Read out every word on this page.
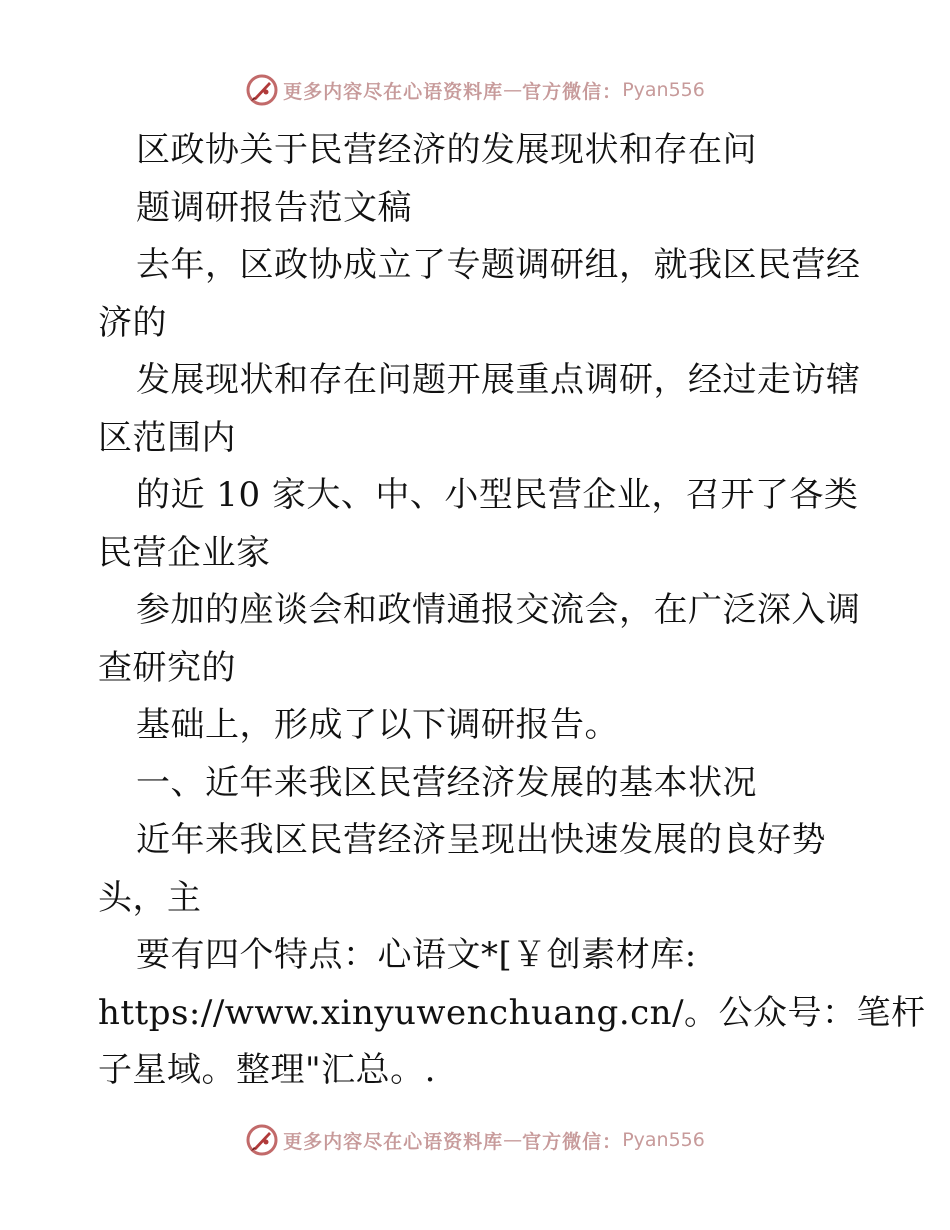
更多内容尽在心语资料库 — 官方微信： Pyan556
区政协关于民营经济的发展现状和存在问
题调研报告范文稿
去年，区政协成立了专题调研组，就我区民营经
济的
发展现状和存在问题开展重点调研，经过走访辖
区范围内
的近 10 家大、中、小型民营企业，召开了各类
民营企业家
参加的座谈会和政情通报交流会，在广泛深入调
查研究的
基础上，形成了以下调研报告。
一、近年来我区民营经济发展的基本状况
近年来我区民营经济呈现出快速发展的良好势
头，主
要有四个特点：心语文*[￥创素材库:
https://www.xinyuwenchuang.cn/。公众号：笔杆
子星域。整理"汇总。.
更多内容尽在心语资料库 — 官方微信： Pyan556
